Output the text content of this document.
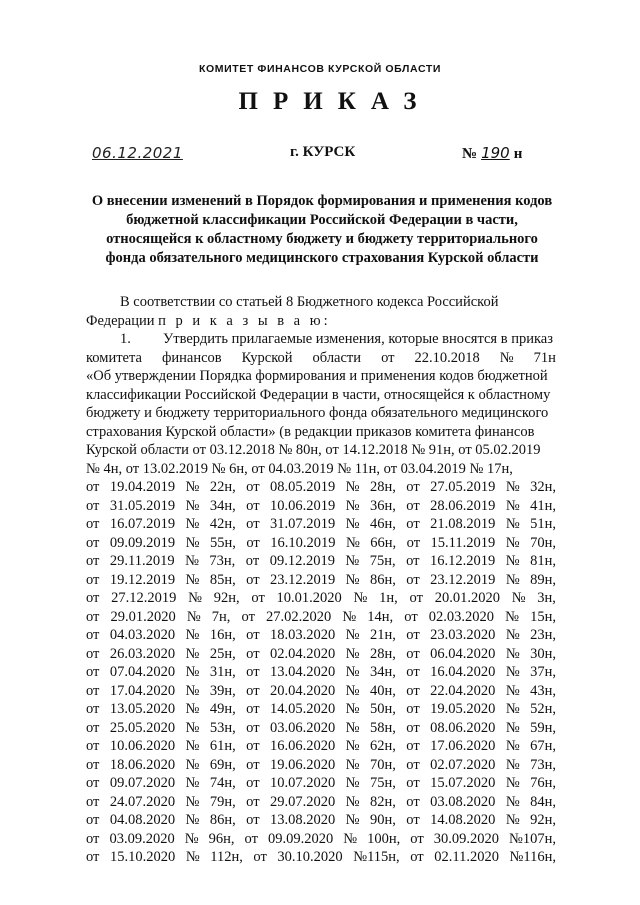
КОМИТЕТ ФИНАНСОВ КУРСКОЙ ОБЛАСТИ
ПРИКАЗ
06.12.2021	г. КУРСК	№ 190 н
О внесении изменений в Порядок формирования и применения кодов
бюджетной классификации Российской Федерации в части,
относящейся к областному бюджету и бюджету территориального
фонда обязательного медицинского страхования Курской области
В соответствии со статьей 8 Бюджетного кодекса Российской
Федерации п р и к а з ы в а ю:
1. Утвердить прилагаемые изменения, которые вносятся в приказ
комитета финансов Курской области от 22.10.2018 № 71н
«Об утверждении Порядка формирования и применения кодов бюджетной
классификации Российской Федерации в части, относящейся к областному
бюджету и бюджету территориального фонда обязательного медицинского
страхования Курской области» (в редакции приказов комитета финансов
Курской области от 03.12.2018 № 80н, от 14.12.2018 № 91н, от 05.02.2019
№ 4н, от 13.02.2019 № 6н, от 04.03.2019 № 11н, от 03.04.2019 № 17н,
от 19.04.2019 № 22н, от 08.05.2019 № 28н, от 27.05.2019 № 32н,
от 31.05.2019 № 34н, от 10.06.2019 № 36н, от 28.06.2019 № 41н,
от 16.07.2019 № 42н, от 31.07.2019 № 46н, от 21.08.2019 № 51н,
от 09.09.2019 № 55н, от 16.10.2019 № 66н, от 15.11.2019 № 70н,
от 29.11.2019 № 73н, от 09.12.2019 № 75н, от 16.12.2019 № 81н,
от 19.12.2019 № 85н, от 23.12.2019 № 86н, от 23.12.2019 № 89н,
от 27.12.2019 № 92н, от 10.01.2020 № 1н, от 20.01.2020 № 3н,
от 29.01.2020 № 7н, от 27.02.2020 № 14н, от 02.03.2020 № 15н,
от 04.03.2020 № 16н, от 18.03.2020 № 21н, от 23.03.2020 № 23н,
от 26.03.2020 № 25н, от 02.04.2020 № 28н, от 06.04.2020 № 30н,
от 07.04.2020 № 31н, от 13.04.2020 № 34н, от 16.04.2020 № 37н,
от 17.04.2020 № 39н, от 20.04.2020 № 40н, от 22.04.2020 № 43н,
от 13.05.2020 № 49н, от 14.05.2020 № 50н, от 19.05.2020 № 52н,
от 25.05.2020 № 53н, от 03.06.2020 № 58н, от 08.06.2020 № 59н,
от 10.06.2020 № 61н, от 16.06.2020 № 62н, от 17.06.2020 № 67н,
от 18.06.2020 № 69н, от 19.06.2020 № 70н, от 02.07.2020 № 73н,
от 09.07.2020 № 74н, от 10.07.2020 № 75н, от 15.07.2020 № 76н,
от 24.07.2020 № 79н, от 29.07.2020 № 82н, от 03.08.2020 № 84н,
от 04.08.2020 № 86н, от 13.08.2020 № 90н, от 14.08.2020 № 92н,
от 03.09.2020 № 96н, от 09.09.2020 № 100н, от 30.09.2020 №107н,
от 15.10.2020 № 112н, от 30.10.2020 №115н, от 02.11.2020 №116н,
